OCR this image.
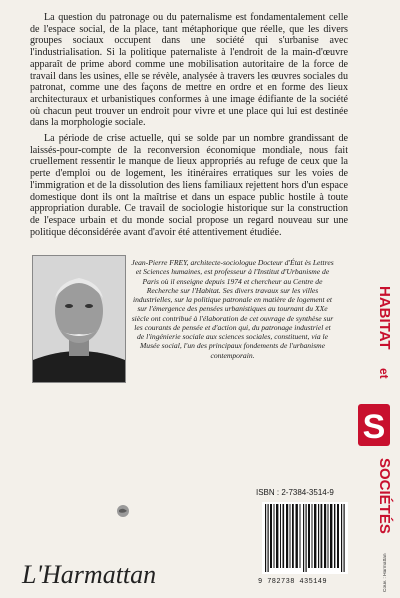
La question du patronage ou du paternalisme est fondamentalement celle de l'espace social, de la place, tant métaphorique que réelle, que les divers groupes sociaux occupent dans une société qui s'urbanise avec l'industrialisation. Si la politique paternaliste à l'endroit de la main-d'œuvre apparaît de prime abord comme une mobilisation autoritaire de la force de travail dans les usines, elle se révèle, analysée à travers les œuvres sociales du patronat, comme une des façons de mettre en ordre et en forme des lieux architecturaux et urbanistiques conformes à une image édifiante de la société où chacun peut trouver un endroit pour vivre et une place qui lui est destinée dans la morphologie sociale.

La période de crise actuelle, qui se solde par un nombre grandissant de laissés-pour-compte de la reconversion économique mondiale, nous fait cruellement ressentir le manque de lieux appropriés au refuge de ceux que la perte d'emploi ou de logement, les itinéraires erratiques sur les voies de l'immigration et de la dissolution des liens familiaux rejettent hors d'un espace domestique dont ils ont la maîtrise et dans un espace public hostile à toute appropriation durable. Ce travail de sociologie historique sur la construction de l'espace urbain et du monde social propose un regard nouveau sur une politique déconsidérée avant d'avoir été attentivement étudiée.

Jean-Pierre FREY, architecte-sociologue Docteur d'État ès Lettres et Sciences humaines, est professeur à l'Institut d'Urbanisme de Paris où il enseigne depuis 1974 et chercheur au Centre de Recherche sur l'Habitat. Ses divers travaux sur les villes industrielles, sur la politique patronale en matière de logement et sur l'émergence des pensées urbanistiques au tournant du XXe siècle ont contribué à l'élaboration de cet ouvrage de synthèse sur les courants de pensée et d'action qui, du patronage industriel et de l'ingénierie sociale aux sciences sociales, constituent, via le Musée social, l'un des principaux fondements de l'urbanisme contemporain.

S
HABITAT
et
SOCIÉTÉS
ISBN : 2-7384-3514-9
9 782738 435149
L'Harmattan	Couv. : Harmattan
